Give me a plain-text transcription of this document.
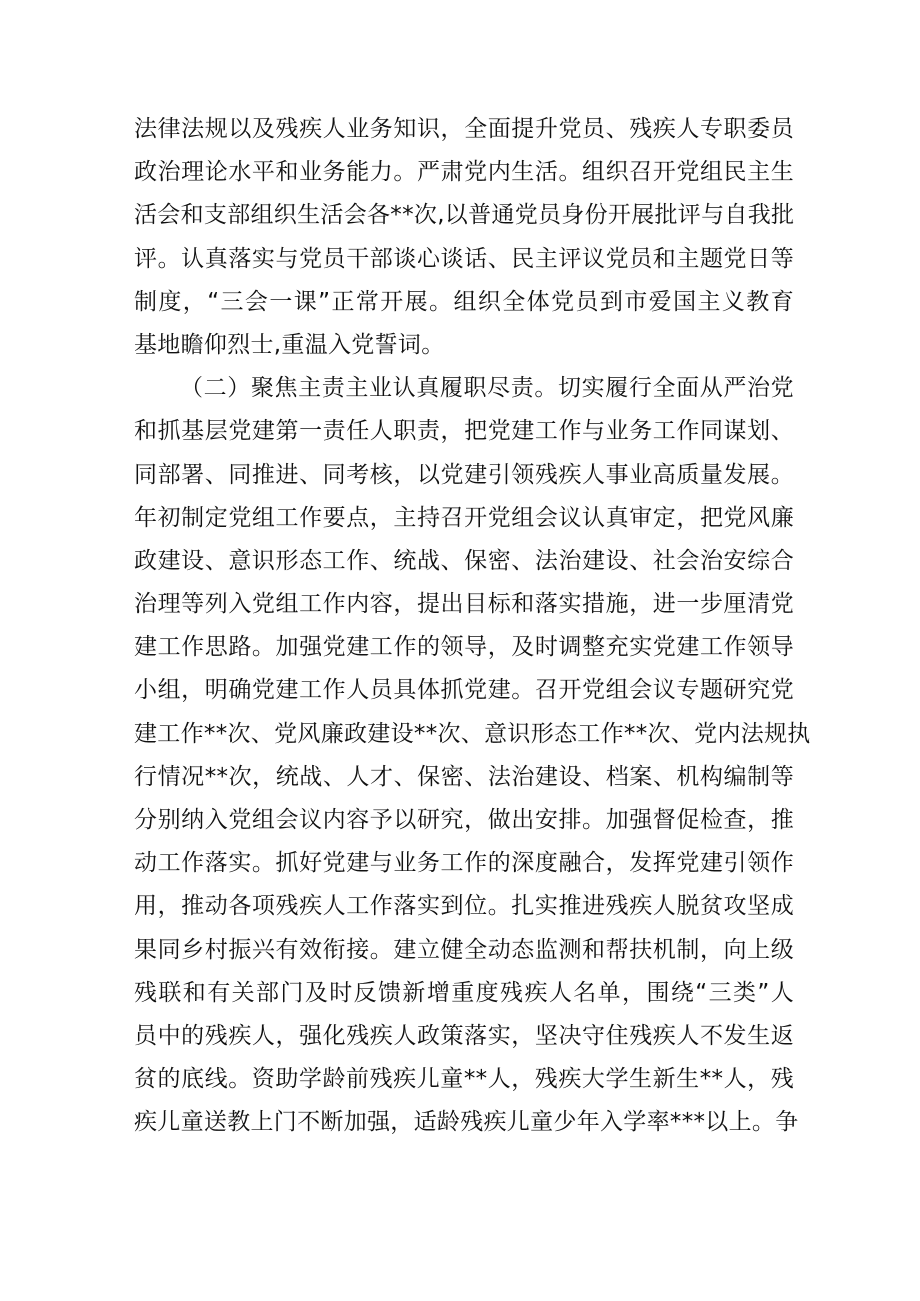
法律法规以及残疾人业务知识，全面提升党员、残疾人专职委员
政治理论水平和业务能力。严肃党内生活。组织召开党组民主生
活会和支部组织生活会各**次,以普通党员身份开展批评与自我批
评。认真落实与党员干部谈心谈话、民主评议党员和主题党日等
制度，“三会一课”正常开展。组织全体党员到市爱国主义教育
基地瞻仰烈士,重温入党誓词。
（二）聚焦主责主业认真履职尽责。切实履行全面从严治党
和抓基层党建第一责任人职责，把党建工作与业务工作同谋划、
同部署、同推进、同考核，以党建引领残疾人事业高质量发展。
年初制定党组工作要点，主持召开党组会议认真审定，把党风廉
政建设、意识形态工作、统战、保密、法治建设、社会治安综合
治理等列入党组工作内容，提出目标和落实措施，进一步厘清党
建工作思路。加强党建工作的领导，及时调整充实党建工作领导
小组，明确党建工作人员具体抓党建。召开党组会议专题研究党
建工作**次、党风廉政建设**次、意识形态工作**次、党内法规执
行情况**次，统战、人才、保密、法治建设、档案、机构编制等
分别纳入党组会议内容予以研究，做出安排。加强督促检查，推
动工作落实。抓好党建与业务工作的深度融合，发挥党建引领作
用，推动各项残疾人工作落实到位。扎实推进残疾人脱贫攻坚成
果同乡村振兴有效衔接。建立健全动态监测和帮扶机制，向上级
残联和有关部门及时反馈新增重度残疾人名单，围绕“三类”人
员中的残疾人，强化残疾人政策落实，坚决守住残疾人不发生返
贫的底线。资助学龄前残疾儿童**人，残疾大学生新生**人，残
疾儿童送教上门不断加强，适龄残疾儿童少年入学率***以上。争
